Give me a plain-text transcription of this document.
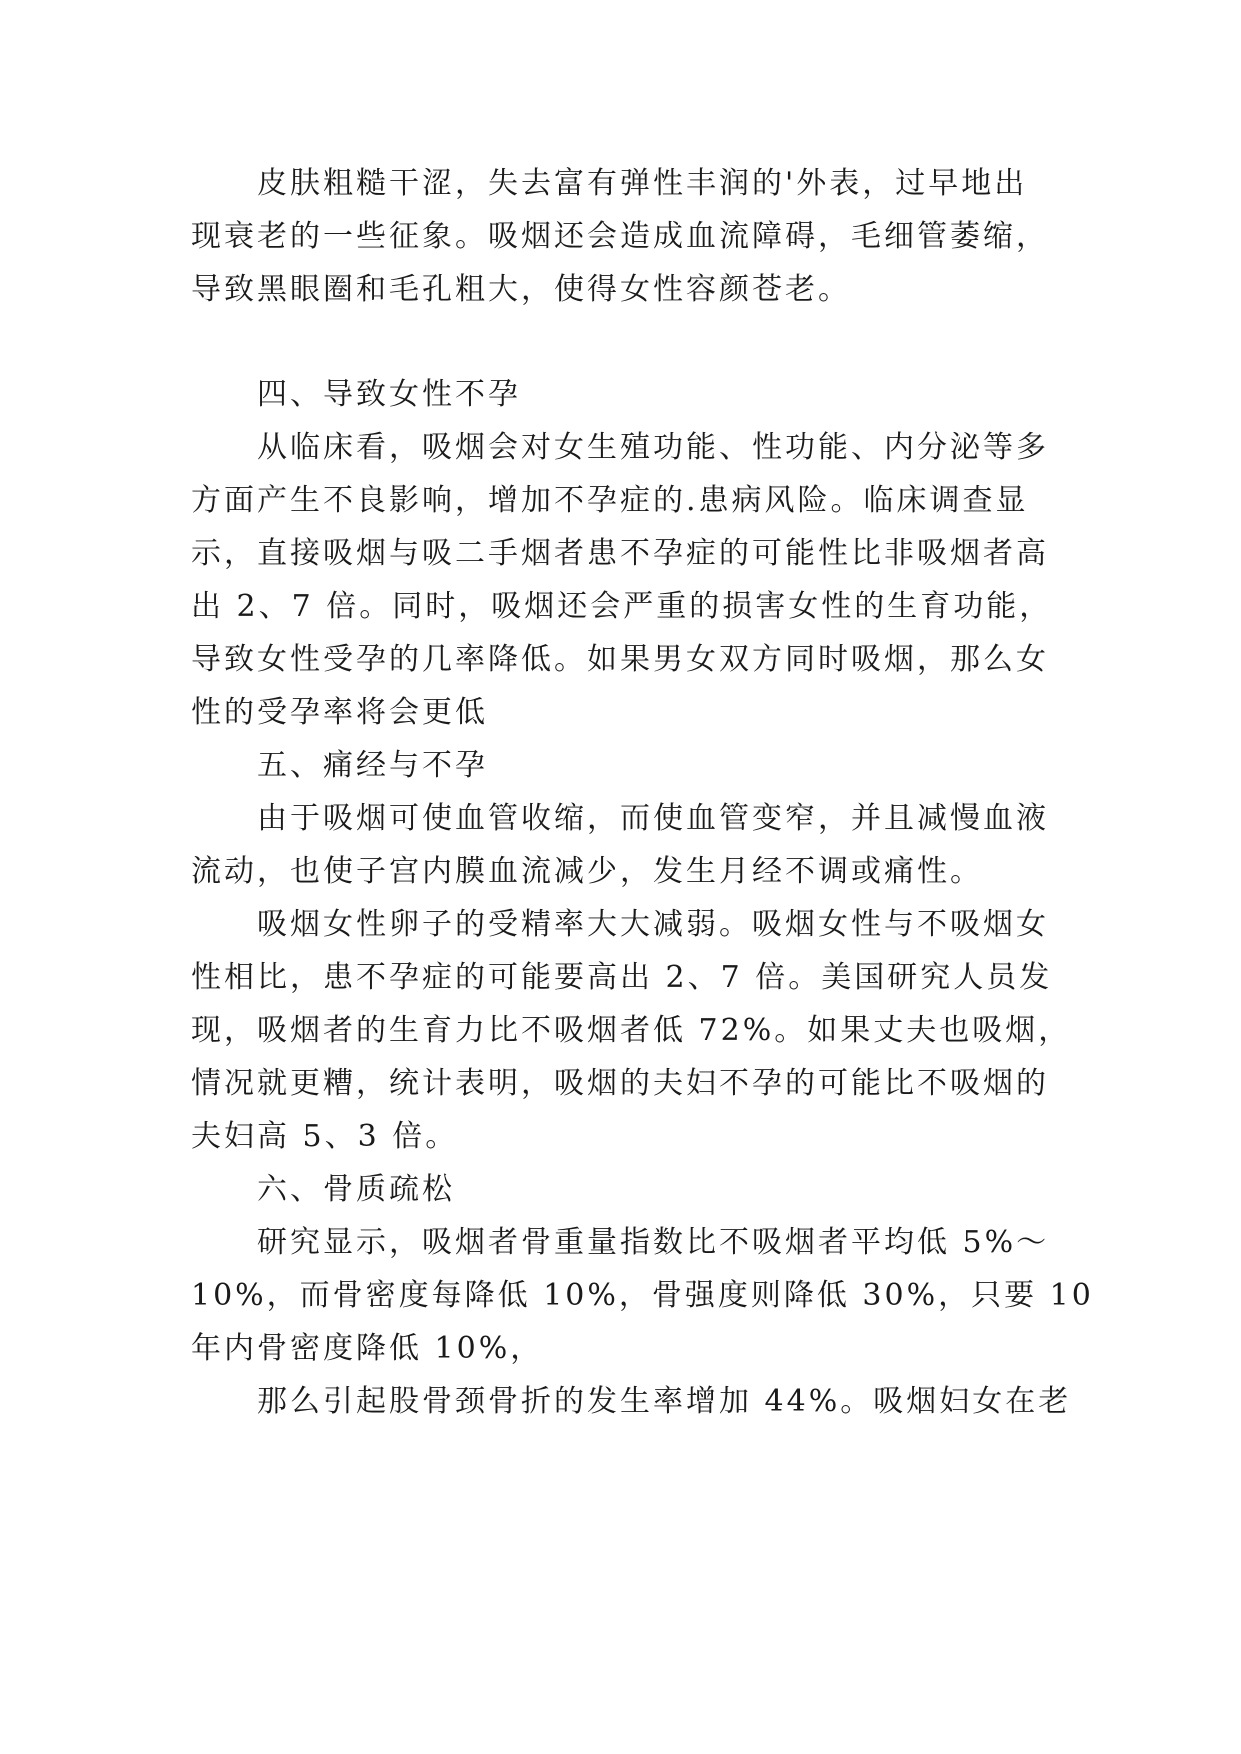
皮肤粗糙干涩，失去富有弹性丰润的'外表，过早地出
现衰老的一些征象。吸烟还会造成血流障碍，毛细管萎缩，
导致黑眼圈和毛孔粗大，使得女性容颜苍老。
四、导致女性不孕
从临床看，吸烟会对女生殖功能、性功能、内分泌等多
方面产生不良影响，增加不孕症的.患病风险。临床调查显
示，直接吸烟与吸二手烟者患不孕症的可能性比非吸烟者高
出 2、7 倍。同时，吸烟还会严重的损害女性的生育功能，
导致女性受孕的几率降低。如果男女双方同时吸烟，那么女
性的受孕率将会更低
五、痛经与不孕
由于吸烟可使血管收缩，而使血管变窄，并且减慢血液
流动，也使子宫内膜血流减少，发生月经不调或痛性。
吸烟女性卵子的受精率大大减弱。吸烟女性与不吸烟女
性相比，患不孕症的可能要高出 2、7 倍。美国研究人员发
现，吸烟者的生育力比不吸烟者低 72%。如果丈夫也吸烟，
情况就更糟，统计表明，吸烟的夫妇不孕的可能比不吸烟的
夫妇高 5、3 倍。
六、骨质疏松
研究显示，吸烟者骨重量指数比不吸烟者平均低 5%～
10%，而骨密度每降低 10%，骨强度则降低 30%，只要 10
年内骨密度降低 10%，
那么引起股骨颈骨折的发生率增加 44%。吸烟妇女在老
